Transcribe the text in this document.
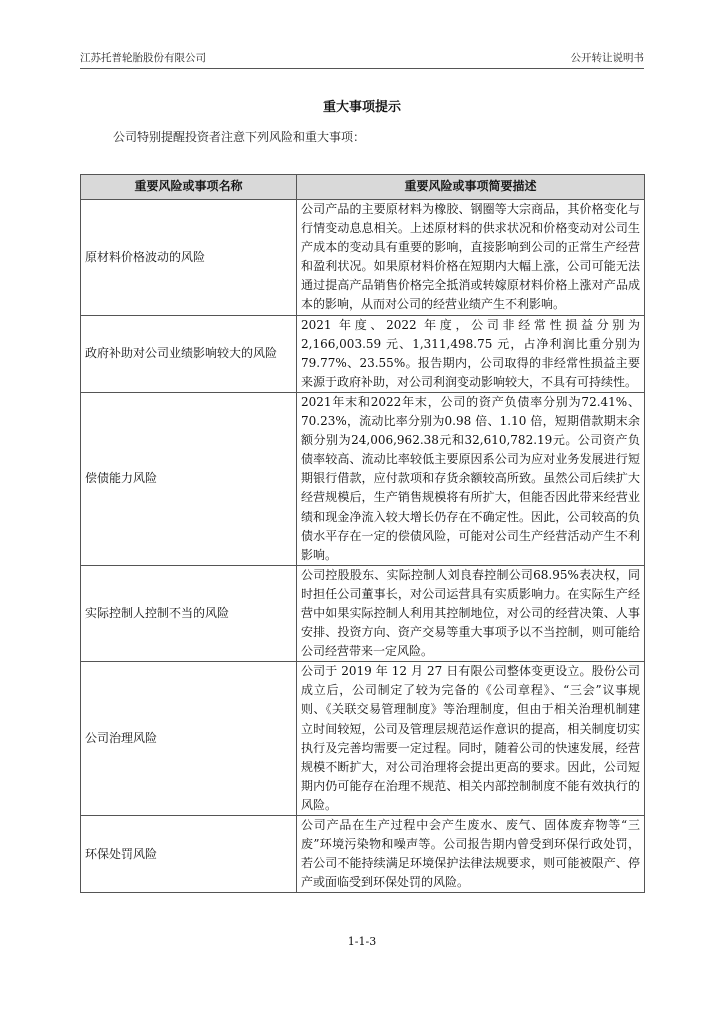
江苏托普轮胎股份有限公司	公开转让说明书
重大事项提示
公司特别提醒投资者注意下列风险和重大事项：
重要风险或事项名称	重要风险或事项简要描述
原材料价格波动的风险	公司产品的主要原材料为橡胶、钢圈等大宗商品，其价格变化与行情变动息息相关。上述原材料的供求状况和价格变动对公司生产成本的变动具有重要的影响，直接影响到公司的正常生产经营和盈利状况。如果原材料价格在短期内大幅上涨，公司可能无法通过提高产品销售价格完全抵消或转嫁原材料价格上涨对产品成本的影响，从而对公司的经营业绩产生不利影响。
政府补助对公司业绩影响较大的风险	2021 年度、2022 年度，公司非经常性损益分别为2,166,003.59 元、1,311,498.75 元，占净利润比重分别为79.77%、23.55%。报告期内，公司取得的非经常性损益主要来源于政府补助，对公司利润变动影响较大，不具有可持续性。
偿债能力风险	2021年末和2022年末，公司的资产负债率分别为72.41%、70.23%，流动比率分别为0.98 倍、1.10 倍，短期借款期末余额分别为24,006,962.38元和32,610,782.19元。公司资产负债率较高、流动比率较低主要原因系公司为应对业务发展进行短期银行借款，应付款项和存货余额较高所致。虽然公司后续扩大经营规模后，生产销售规模将有所扩大，但能否因此带来经营业绩和现金净流入较大增长仍存在不确定性。因此，公司较高的负债水平存在一定的偿债风险，可能对公司生产经营活动产生不利影响。
实际控制人控制不当的风险	公司控股股东、实际控制人刘良春控制公司68.95%表决权，同时担任公司董事长，对公司运营具有实质影响力。在实际生产经营中如果实际控制人利用其控制地位，对公司的经营决策、人事安排、投资方向、资产交易等重大事项予以不当控制，则可能给公司经营带来一定风险。
公司治理风险	公司于 2019 年 12 月 27 日有限公司整体变更设立。股份公司成立后，公司制定了较为完备的《公司章程》、“三会”议事规则、《关联交易管理制度》等治理制度，但由于相关治理机制建立时间较短，公司及管理层规范运作意识的提高，相关制度切实执行及完善均需要一定过程。同时，随着公司的快速发展，经营规模不断扩大，对公司治理将会提出更高的要求。因此，公司短期内仍可能存在治理不规范、相关内部控制制度不能有效执行的风险。
环保处罚风险	公司产品在生产过程中会产生废水、废气、固体废弃物等“三废”环境污染物和噪声等。公司报告期内曾受到环保行政处罚，若公司不能持续满足环境保护法律法规要求，则可能被限产、停产或面临受到环保处罚的风险。
1-1-3
